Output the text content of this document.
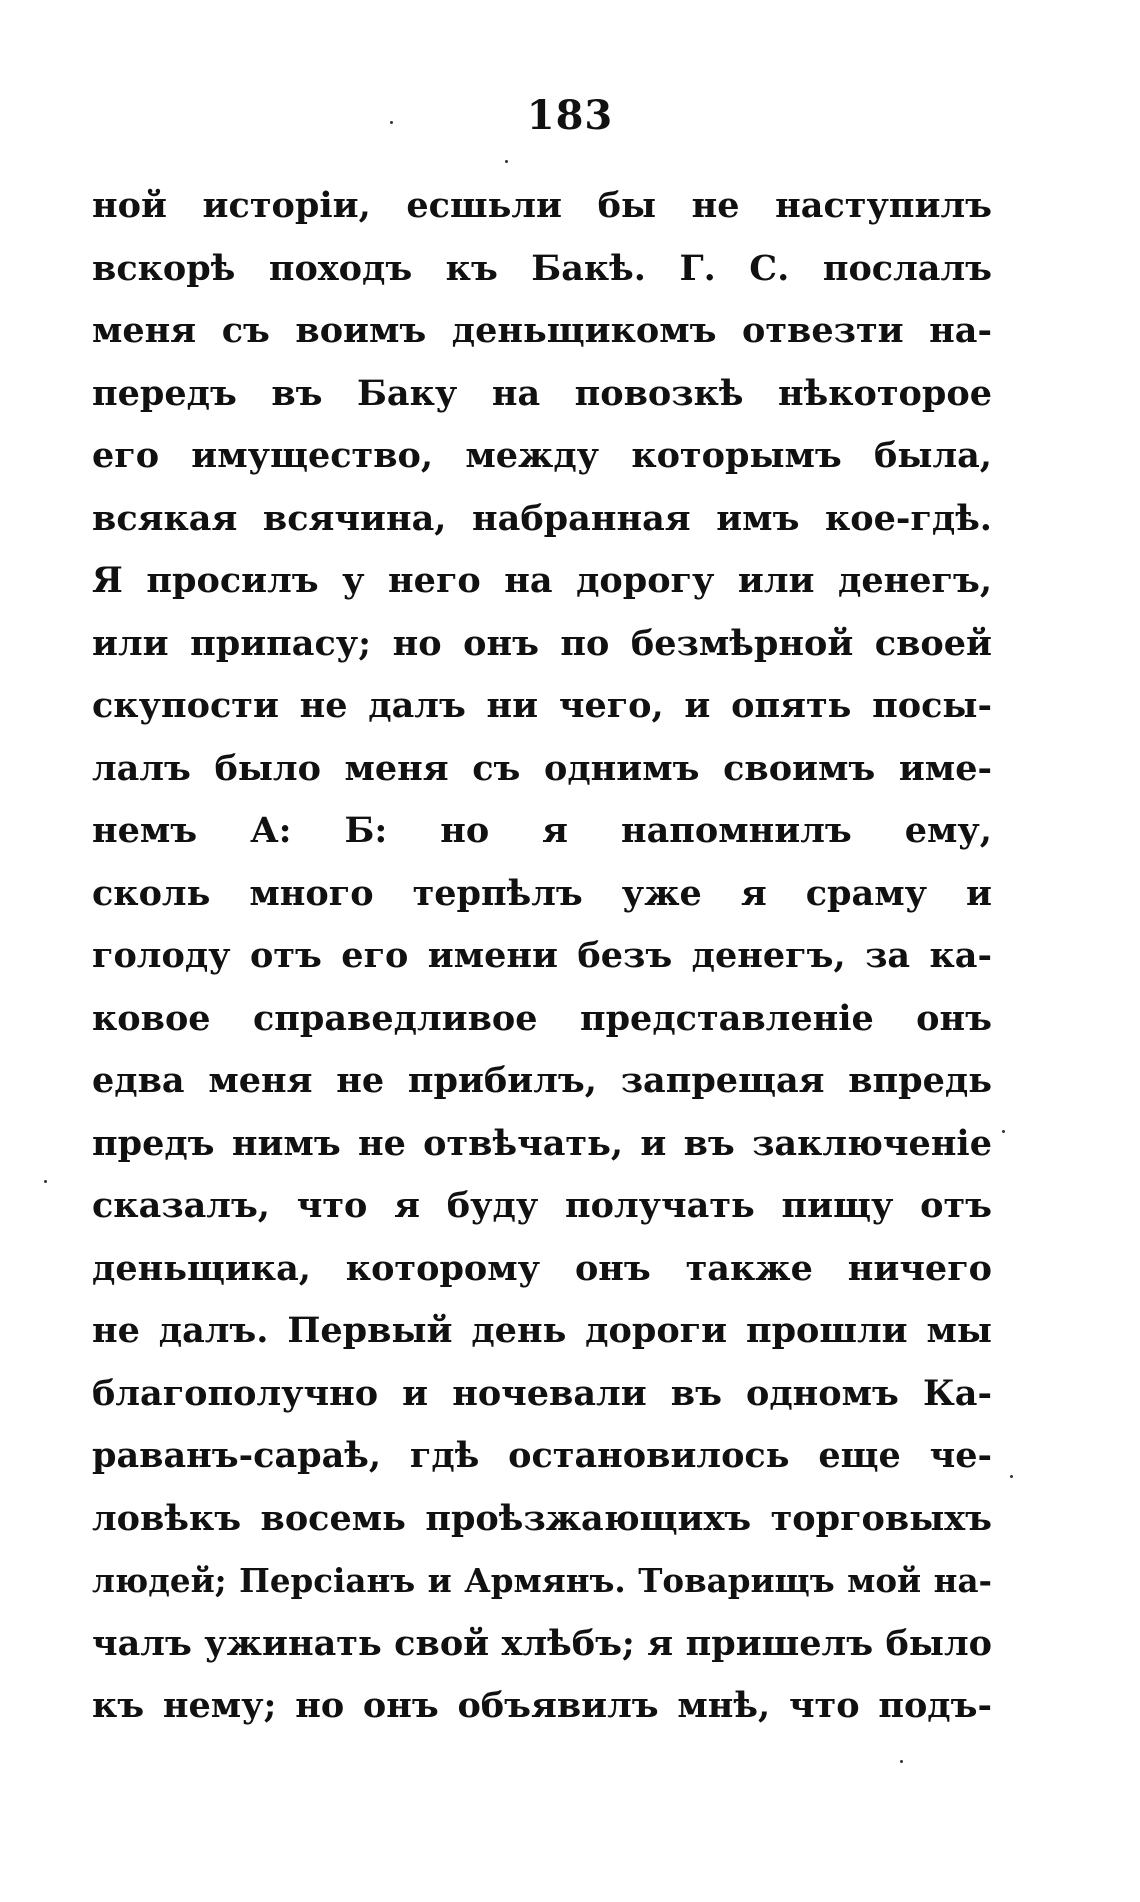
183
ной исторіи, есшьли бы не наступилъ
вскорѣ походъ къ Бакѣ. Г. С. послалъ
меня съ воимъ деньщикомъ отвезти на-
передъ въ Баку на повозкѣ нѣкоторое
его имущество, между которымъ была,
всякая всячина, набранная имъ кое-гдѣ.
Я просилъ у него на дорогу или денегъ,
или припасу; но онъ по безмѣрной своей
скупости не далъ ни чего, и опять посы-
лалъ было меня съ однимъ своимъ име-
немъ А: Б: но я напомнилъ ему,
сколь много терпѣлъ уже я сраму и
голоду отъ его имени безъ денегъ, за ка-
ковое справедливое представленіе онъ
едва меня не прибилъ, запрещая впредь
предъ нимъ не отвѣчать, и въ заключеніе
сказалъ, что я буду получать пищу отъ
деньщика, которому онъ также ничего
не далъ. Первый день дороги прошли мы
благополучно и ночевали въ одномъ Ка-
раванъ-сараѣ, гдѣ остановилось еще че-
ловѣкъ восемь проѣзжающихъ торговыхъ
людей; Персіанъ и Армянъ. Товарищъ мой на-
чалъ ужинать свой хлѣбъ; я пришелъ было
къ нему; но онъ объявилъ мнѣ, что подъ-
